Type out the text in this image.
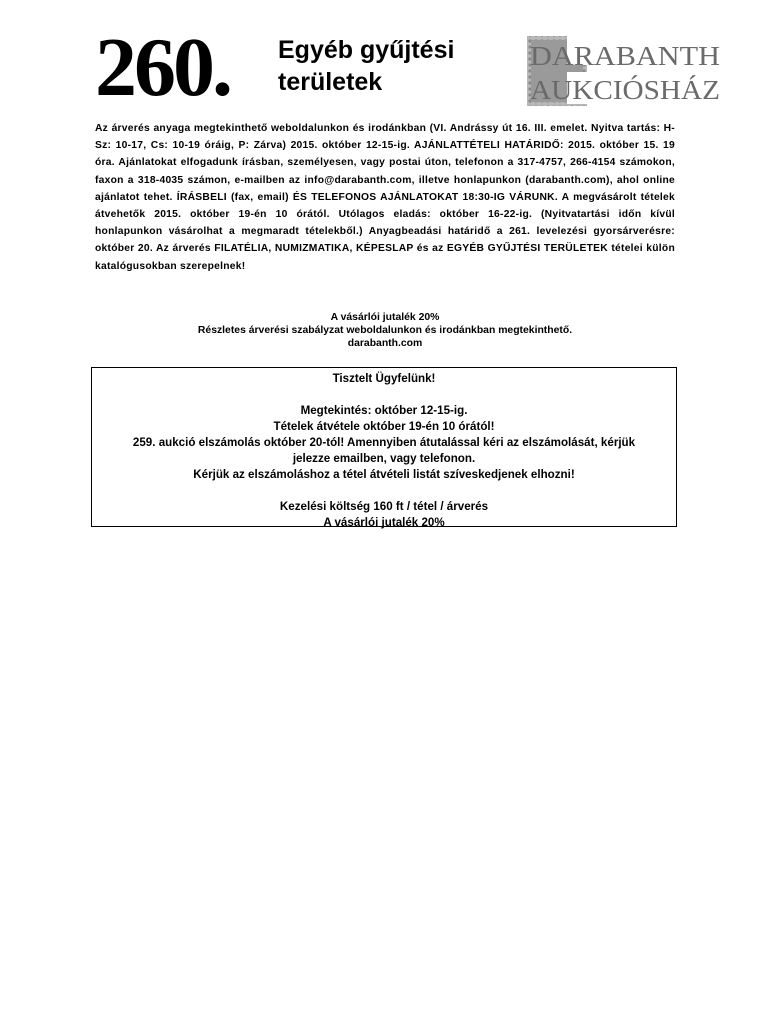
260. Egyéb gyűjtési
területek
DARABANTH
AUKCIÓSHÁZ
Az árverés anyaga megtekinthető weboldalunkon és irodánkban (VI. Andrássy út 16. III. emelet. Nyitva tartás: H-Sz: 10-17, Cs: 10-19 óráig, P: Zárva) 2015. október 12-15-ig. AJÁNLATTÉTELI HATÁRIDŐ: 2015. október 15. 19 óra. Ajánlatokat elfogadunk írásban, személyesen, vagy postai úton, telefonon a 317-4757, 266-4154 számokon, faxon a 318-4035 számon, e-mailben az info@darabanth.com, illetve honlapunkon (darabanth.com), ahol online ajánlatot tehet. ÍRÁSBELI (fax, email) ÉS TELEFONOS AJÁNLATOKAT 18:30-IG VÁRUNK. A megvásárolt tételek átvehetők 2015. október 19-én 10 órától. Utólagos eladás: október 16-22-ig. (Nyitvatartási időn kívül honlapunkon vásárolhat a megmaradt tételekből.) Anyagbeadási határidő a 261. levelezési gyorsárverésre: október 20. Az árverés FILATÉLIA, NUMIZMATIKA, KÉPESLAP és az EGYÉB GYŰJTÉSI TERÜLETEK tételei külön katalógusokban szerepelnek!
A vásárlói jutalék 20%
Részletes árverési szabályzat weboldalunkon és irodánkban megtekinthető.
darabanth.com

Tisztelt Ügyfelünk!

Megtekintés: október 12-15-ig.

Tételek átvétele október 19-én 10 órától!

259. aukció elszámolás október 20-tól! Amennyiben átutalással kéri az elszámolását, kérjük

jelezze emailben, vagy telefonon.

Kérjük az elszámoláshoz a tétel átvételi listát szíveskedjenek elhozni!

Kezelési költség 160 ft / tétel / árverés

A vásárlói jutalék 20%
